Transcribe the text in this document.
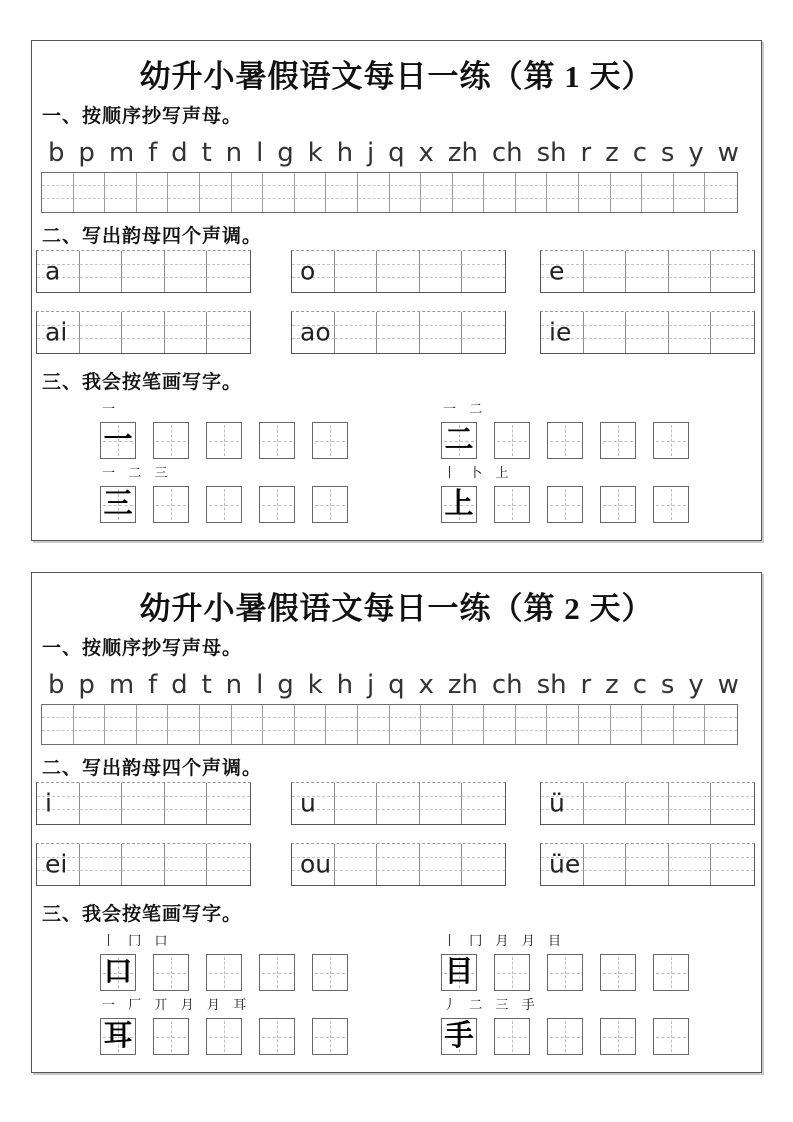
幼升小暑假语文每日一练（第 1 天）
一、按顺序抄写声母。
b p m f d t n l g k h j q x zh ch sh r z c s y w
二、写出韵母四个声调。
a	o	e
ai	ao	ie
三、我会按笔画写字。
一
一
一 二
二
一 二 三
三
丨 卜 上
上
幼升小暑假语文每日一练（第 2 天）
一、按顺序抄写声母。
b p m f d t n l g k h j q x zh ch sh r z c s y w
二、写出韵母四个声调。
i	u	ü
ei	ou	üe
三、我会按笔画写字。
丨 冂 口
口
丨 冂 月 月 目
目
一 厂 丌 月 月 耳
耳
丿 二 三 手
手
